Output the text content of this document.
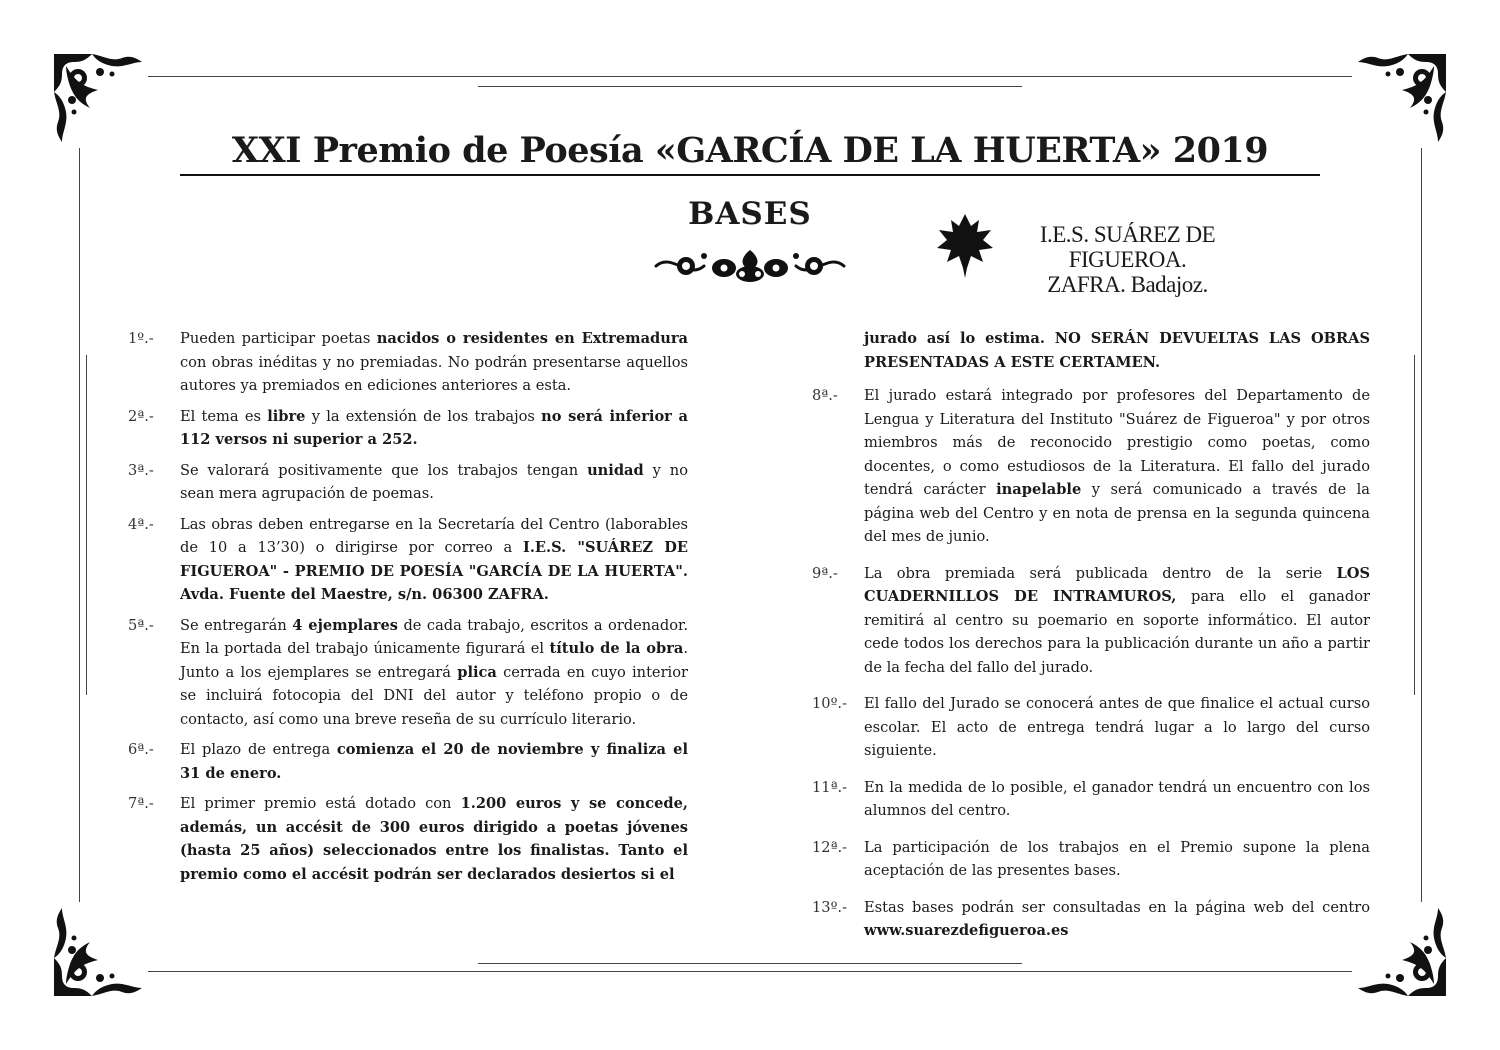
XXI Premio de Poesía «GARCÍA DE LA HUERTA» 2019
BASES
I.E.S. SUÁREZ DE FIGUEROA.
ZAFRA. Badajoz.
1º.-	Pueden participar poetas nacidos o residentes en Extremadura con obras inéditas y no premiadas. No podrán presentarse aquellos autores ya premiados en ediciones anteriores a esta.
2ª.-	El tema es libre y la extensión de los trabajos no será inferior a 112 versos ni superior a 252.
3ª.-	Se valorará positivamente que los trabajos tengan unidad y no sean mera agrupación de poemas.
4ª.-	Las obras deben entregarse en la Secretaría del Centro (laborables de 10 a 13’30) o dirigirse por correo a I.E.S. "SUÁREZ DE FIGUEROA" - PREMIO DE POESÍA "GARCÍA DE LA HUERTA". Avda. Fuente del Maestre, s/n. 06300 ZAFRA.
5ª.-	Se entregarán 4 ejemplares de cada trabajo, escritos a ordenador. En la portada del trabajo únicamente figurará el título de la obra. Junto a los ejemplares se entregará plica cerrada en cuyo interior se incluirá fotocopia del DNI del autor y teléfono propio o de contacto, así como una breve reseña de su currículo literario.
6ª.-	El plazo de entrega comienza el 20 de noviembre y finaliza el 31 de enero.
7ª.-	El primer premio está dotado con 1.200 euros y se concede, además, un accésit de 300 euros dirigido a poetas jóvenes (hasta 25 años) seleccionados entre los finalistas. Tanto el premio como el accésit podrán ser declarados desiertos si el
jurado así lo estima. NO SERÁN DEVUELTAS LAS OBRAS PRESENTADAS A ESTE CERTAMEN.
8ª.-	El jurado estará integrado por profesores del Departamento de Lengua y Literatura del Instituto "Suárez de Figueroa" y por otros miembros más de reconocido prestigio como poetas, como docentes, o como estudiosos de la Literatura. El fallo del jurado tendrá carácter inapelable y será comunicado a través de la página web del Centro y en nota de prensa en la segunda quincena del mes de junio.
9ª.-	La obra premiada será publicada dentro de la serie LOS CUADERNILLOS DE INTRAMUROS, para ello el ganador remitirá al centro su poemario en soporte informático. El autor cede todos los derechos para la publicación durante un año a partir de la fecha del fallo del jurado.
10º.-	El fallo del Jurado se conocerá antes de que finalice el actual curso escolar. El acto de entrega tendrá lugar a lo largo del curso siguiente.
11ª.-	En la medida de lo posible, el ganador tendrá un encuentro con los alumnos del centro.
12ª.-	La participación de los trabajos en el Premio supone la plena aceptación de las presentes bases.
13º.-	Estas bases podrán ser consultadas en la página web del centro www.suarezdefigueroa.es
